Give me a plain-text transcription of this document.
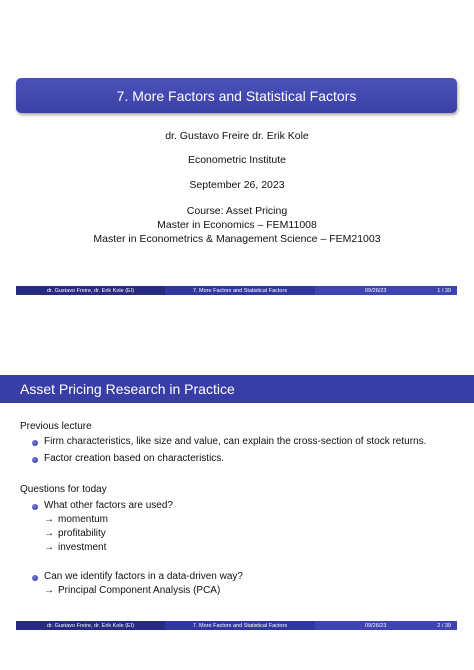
7. More Factors and Statistical Factors
dr. Gustavo Freire dr. Erik Kole
Econometric Institute
September 26, 2023
Course: Asset Pricing
Master in Economics – FEM11008
Master in Econometrics & Management Science – FEM21003
dr. Gustavo Freire, dr. Erik Kole (EI)	7. More Factors and Statistical Factors	09/26/23	1 / 39
Asset Pricing Research in Practice
Previous lecture
Firm characteristics, like size and value, can explain the cross-section of stock returns.
Factor creation based on characteristics.
Questions for today
What other factors are used?
→ momentum
→ profitability
→ investment
Can we identify factors in a data-driven way?
→ Principal Component Analysis (PCA)
dr. Gustavo Freire, dr. Erik Kole (EI)	7. More Factors and Statistical Factors	09/26/23	2 / 39
